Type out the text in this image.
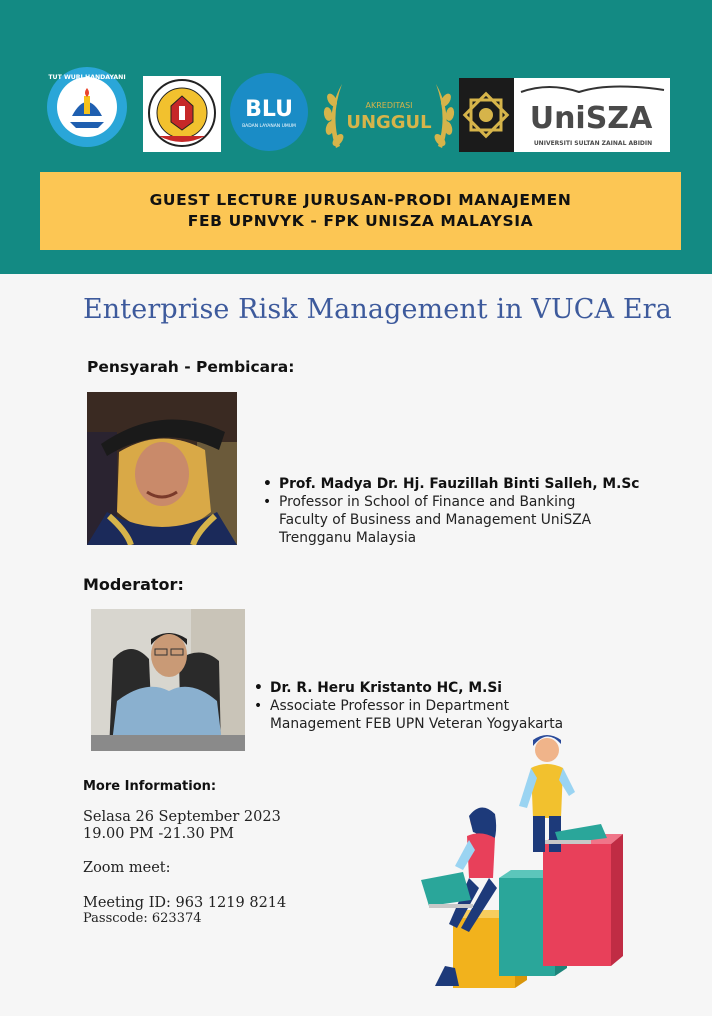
TUT WURI HANDAYANI
BLU
BADAN LAYANAN UMUM
AKREDITASI
UNGGUL	UniSZA
UNIVERSITI SULTAN ZAINAL ABIDIN
GUEST LECTURE JURUSAN-PRODI MANAJEMEN
FEB UPNVYK - FPK UNISZA MALAYSIA
Enterprise Risk Management in VUCA Era
Pensyarah - Pembicara:
• Prof. Madya Dr. Hj. Fauzillah Binti Salleh, M.Sc
• Professor in School of Finance and Banking
Faculty of Business and Management UniSZA
Trengganu Malaysia
Moderator:
• Dr. R. Heru Kristanto HC, M.Si
• Associate Professor in Department
Management FEB UPN Veteran Yogyakarta
More Information:
Selasa 26 September 2023
19.00 PM -21.30 PM
Zoom meet:
Meeting ID: 963 1219 8214
Passcode: 623374
